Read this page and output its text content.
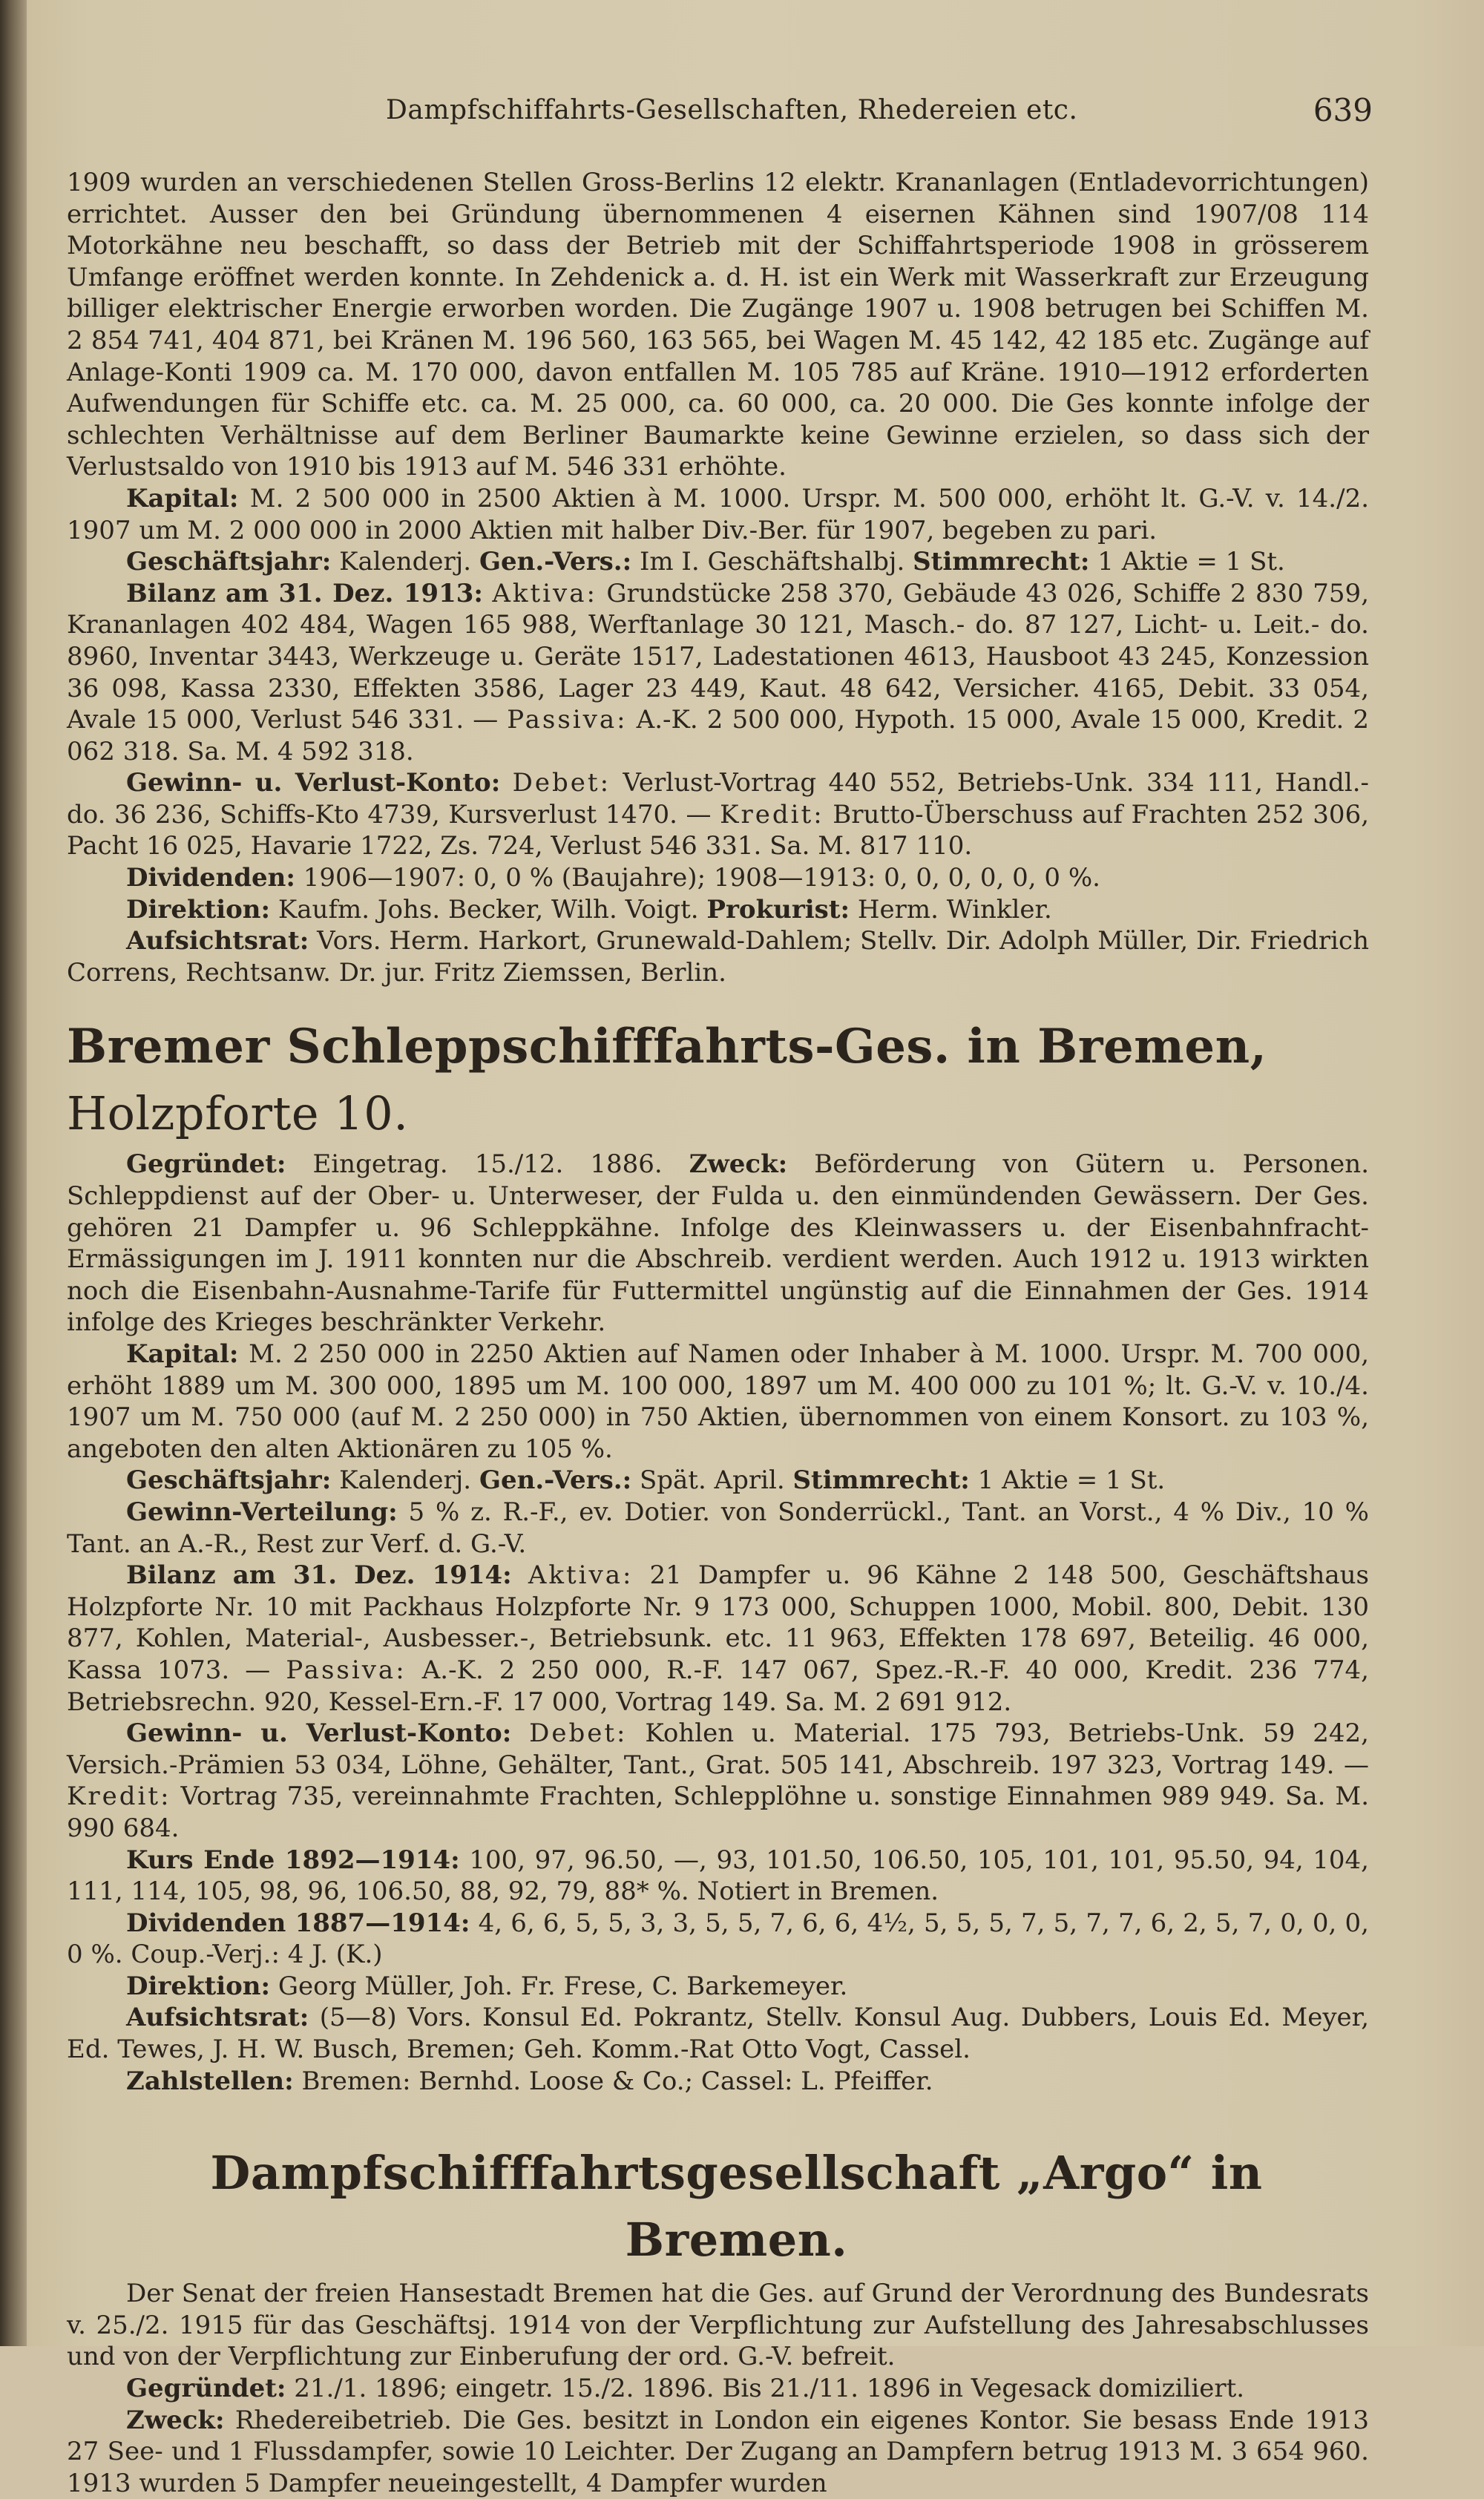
Dampfschiffahrts-Gesellschaften, Rhedereien etc.	639

1909 wurden an verschiedenen Stellen Gross-Berlins 12 elektr. Krananlagen (Entladevorrichtungen) errichtet. Ausser den bei Gründung übernommenen 4 eisernen Kähnen sind 1907/08 114 Motorkähne neu beschafft, so dass der Betrieb mit der Schiffahrtsperiode 1908 in grösserem Umfange eröffnet werden konnte. In Zehdenick a. d. H. ist ein Werk mit Wasserkraft zur Erzeugung billiger elektrischer Energie erworben worden. Die Zugänge 1907 u. 1908 betrugen bei Schiffen M. 2 854 741, 404 871, bei Kränen M. 196 560, 163 565, bei Wagen M. 45 142, 42 185 etc. Zugänge auf Anlage-Konti 1909 ca. M. 170 000, davon entfallen M. 105 785 auf Kräne. 1910—1912 erforderten Aufwendungen für Schiffe etc. ca. M. 25 000, ca. 60 000, ca. 20 000. Die Ges konnte infolge der schlechten Verhältnisse auf dem Berliner Baumarkte keine Gewinne erzielen, so dass sich der Verlustsaldo von 1910 bis 1913 auf M. 546 331 erhöhte.

Kapital: M. 2 500 000 in 2500 Aktien à M. 1000. Urspr. M. 500 000, erhöht lt. G.-V. v. 14./2. 1907 um M. 2 000 000 in 2000 Aktien mit halber Div.-Ber. für 1907, begeben zu pari.

Geschäftsjahr: Kalenderj. Gen.-Vers.: Im I. Geschäftshalbj. Stimmrecht: 1 Aktie = 1 St.

Bilanz am 31. Dez. 1913: Aktiva: Grundstücke 258 370, Gebäude 43 026, Schiffe 2 830 759, Krananlagen 402 484, Wagen 165 988, Werftanlage 30 121, Masch.- do. 87 127, Licht- u. Leit.- do. 8960, Inventar 3443, Werkzeuge u. Geräte 1517, Ladestationen 4613, Hausboot 43 245, Konzession 36 098, Kassa 2330, Effekten 3586, Lager 23 449, Kaut. 48 642, Versicher. 4165, Debit. 33 054, Avale 15 000, Verlust 546 331. — Passiva: A.-K. 2 500 000, Hypoth. 15 000, Avale 15 000, Kredit. 2 062 318. Sa. M. 4 592 318.

Gewinn- u. Verlust-Konto: Debet: Verlust-Vortrag 440 552, Betriebs-Unk. 334 111, Handl.- do. 36 236, Schiffs-Kto 4739, Kursverlust 1470. — Kredit: Brutto-Überschuss auf Frachten 252 306, Pacht 16 025, Havarie 1722, Zs. 724, Verlust 546 331. Sa. M. 817 110.

Dividenden: 1906—1907: 0, 0 % (Baujahre); 1908—1913: 0, 0, 0, 0, 0, 0 %.

Direktion: Kaufm. Johs. Becker, Wilh. Voigt. Prokurist: Herm. Winkler.

Aufsichtsrat: Vors. Herm. Harkort, Grunewald-Dahlem; Stellv. Dir. Adolph Müller, Dir. Friedrich Correns, Rechtsanw. Dr. jur. Fritz Ziemssen, Berlin.

Bremer Schleppschifffahrts-Ges. in Bremen, Holzpforte 10.

Gegründet: Eingetrag. 15./12. 1886. Zweck: Beförderung von Gütern u. Personen. Schleppdienst auf der Ober- u. Unterweser, der Fulda u. den einmündenden Gewässern. Der Ges. gehören 21 Dampfer u. 96 Schleppkähne. Infolge des Kleinwassers u. der Eisenbahnfracht-Ermässigungen im J. 1911 konnten nur die Abschreib. verdient werden. Auch 1912 u. 1913 wirkten noch die Eisenbahn-Ausnahme-Tarife für Futtermittel ungünstig auf die Einnahmen der Ges. 1914 infolge des Krieges beschränkter Verkehr.

Kapital: M. 2 250 000 in 2250 Aktien auf Namen oder Inhaber à M. 1000. Urspr. M. 700 000, erhöht 1889 um M. 300 000, 1895 um M. 100 000, 1897 um M. 400 000 zu 101 %; lt. G.-V. v. 10./4. 1907 um M. 750 000 (auf M. 2 250 000) in 750 Aktien, übernommen von einem Konsort. zu 103 %, angeboten den alten Aktionären zu 105 %.

Geschäftsjahr: Kalenderj. Gen.-Vers.: Spät. April. Stimmrecht: 1 Aktie = 1 St.

Gewinn-Verteilung: 5 % z. R.-F., ev. Dotier. von Sonderrückl., Tant. an Vorst., 4 % Div., 10 % Tant. an A.-R., Rest zur Verf. d. G.-V.

Bilanz am 31. Dez. 1914: Aktiva: 21 Dampfer u. 96 Kähne 2 148 500, Geschäftshaus Holzpforte Nr. 10 mit Packhaus Holzpforte Nr. 9 173 000, Schuppen 1000, Mobil. 800, Debit. 130 877, Kohlen, Material-, Ausbesser.-, Betriebsunk. etc. 11 963, Effekten 178 697, Beteilig. 46 000, Kassa 1073. — Passiva: A.-K. 2 250 000, R.-F. 147 067, Spez.-R.-F. 40 000, Kredit. 236 774, Betriebsrechn. 920, Kessel-Ern.-F. 17 000, Vortrag 149. Sa. M. 2 691 912.

Gewinn- u. Verlust-Konto: Debet: Kohlen u. Material. 175 793, Betriebs-Unk. 59 242, Versich.-Prämien 53 034, Löhne, Gehälter, Tant., Grat. 505 141, Abschreib. 197 323, Vortrag 149. — Kredit: Vortrag 735, vereinnahmte Frachten, Schlepplöhne u. sonstige Einnahmen 989 949. Sa. M. 990 684.

Kurs Ende 1892—1914: 100, 97, 96.50, —, 93, 101.50, 106.50, 105, 101, 101, 95.50, 94, 104, 111, 114, 105, 98, 96, 106.50, 88, 92, 79, 88* %. Notiert in Bremen.

Dividenden 1887—1914: 4, 6, 6, 5, 5, 3, 3, 5, 5, 7, 6, 6, 4½, 5, 5, 5, 7, 5, 7, 7, 6, 2, 5, 7, 0, 0, 0, 0 %. Coup.-Verj.: 4 J. (K.)

Direktion: Georg Müller, Joh. Fr. Frese, C. Barkemeyer.

Aufsichtsrat: (5—8) Vors. Konsul Ed. Pokrantz, Stellv. Konsul Aug. Dubbers, Louis Ed. Meyer, Ed. Tewes, J. H. W. Busch, Bremen; Geh. Komm.-Rat Otto Vogt, Cassel.

Zahlstellen: Bremen: Bernhd. Loose & Co.; Cassel: L. Pfeiffer.

Dampfschifffahrtsgesellschaft „Argo“ in Bremen.

Der Senat der freien Hansestadt Bremen hat die Ges. auf Grund der Verordnung des Bundesrats v. 25./2. 1915 für das Geschäftsj. 1914 von der Verpflichtung zur Aufstellung des Jahresabschlusses und von der Verpflichtung zur Einberufung der ord. G.-V. befreit.

Gegründet: 21./1. 1896; eingetr. 15./2. 1896. Bis 21./11. 1896 in Vegesack domiziliert.

Zweck: Rhedereibetrieb. Die Ges. besitzt in London ein eigenes Kontor. Sie besass Ende 1913 27 See- und 1 Flussdampfer, sowie 10 Leichter. Der Zugang an Dampfern betrug 1913 M. 3 654 960. 1913 wurden 5 Dampfer neueingestellt, 4 Dampfer wurden
